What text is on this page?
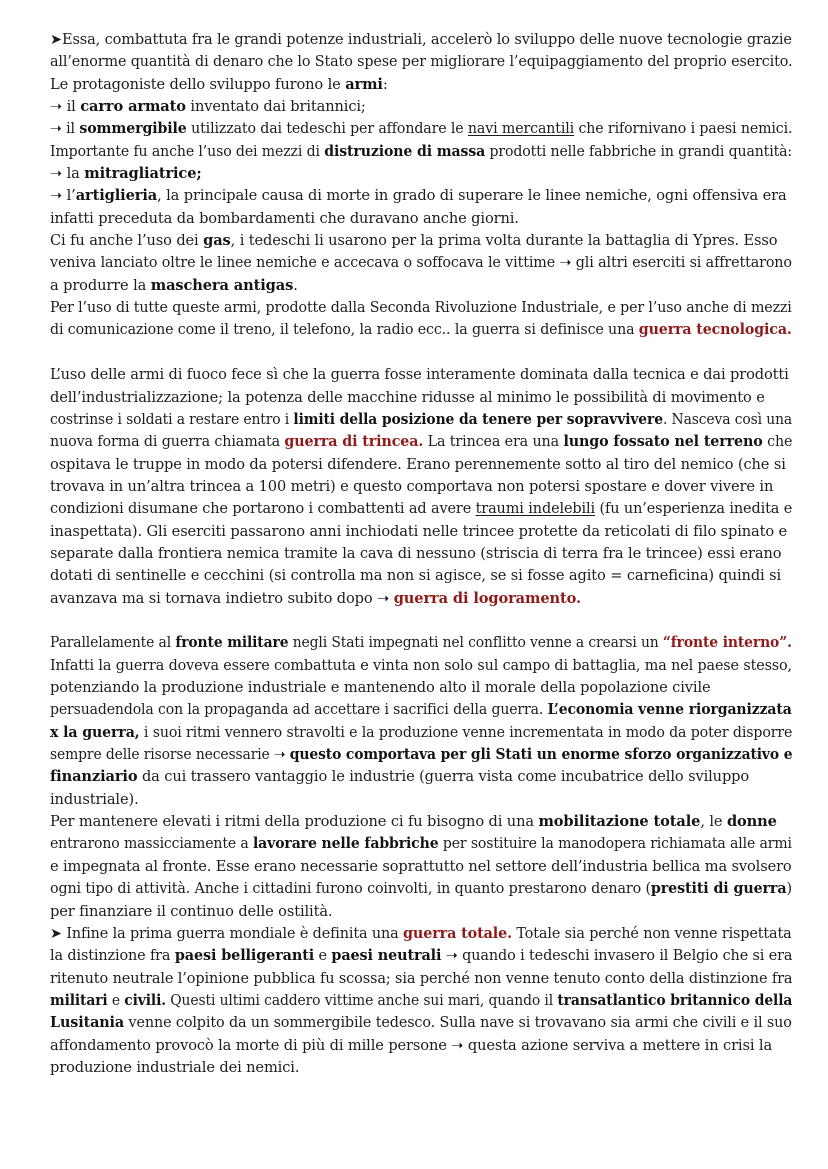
➤Essa, combattuta fra le grandi potenze industriali, accelerò lo sviluppo delle nuove tecnologie grazie
all’enorme quantità di denaro che lo Stato spese per migliorare l’equipaggiamento del proprio esercito.
Le protagoniste dello sviluppo furono le armi:
➝ il carro armato inventato dai britannici;
➝ il sommergibile utilizzato dai tedeschi per affondare le navi mercantili che rifornivano i paesi nemici.
Importante fu anche l’uso dei mezzi di distruzione di massa prodotti nelle fabbriche in grandi quantità:
➝ la mitragliatrice;
➝ l’artiglieria, la principale causa di morte in grado di superare le linee nemiche, ogni offensiva era
infatti preceduta da bombardamenti che duravano anche giorni.
Ci fu anche l’uso dei gas, i tedeschi li usarono per la prima volta durante la battaglia di Ypres. Esso
veniva lanciato oltre le linee nemiche e accecava o soffocava le vittime ➝ gli altri eserciti si affrettarono
a produrre la maschera antigas.
Per l’uso di tutte queste armi, prodotte dalla Seconda Rivoluzione Industriale, e per l’uso anche di mezzi
di comunicazione come il treno, il telefono, la radio ecc.. la guerra si definisce una guerra tecnologica.
L’uso delle armi di fuoco fece sì che la guerra fosse interamente dominata dalla tecnica e dai prodotti
dell’industrializzazione; la potenza delle macchine ridusse al minimo le possibilità di movimento e
costrinse i soldati a restare entro i limiti della posizione da tenere per sopravvivere. Nasceva così una
nuova forma di guerra chiamata guerra di trincea. La trincea era una lungo fossato nel terreno che
ospitava le truppe in modo da potersi difendere. Erano perennemente sotto al tiro del nemico (che si
trovava in un’altra trincea a 100 metri) e questo comportava non potersi spostare e dover vivere in
condizioni disumane che portarono i combattenti ad avere traumi indelebili (fu un’esperienza inedita e
inaspettata). Gli eserciti passarono anni inchiodati nelle trincee protette da reticolati di filo spinato e
separate dalla frontiera nemica tramite la cava di nessuno (striscia di terra fra le trincee) essi erano
dotati di sentinelle e cecchini (si controlla ma non si agisce, se si fosse agito = carneficina) quindi si
avanzava ma si tornava indietro subito dopo ➝ guerra di logoramento.
Parallelamente al fronte militare negli Stati impegnati nel conflitto venne a crearsi un “fronte interno”.
Infatti la guerra doveva essere combattuta e vinta non solo sul campo di battaglia, ma nel paese stesso,
potenziando la produzione industriale e mantenendo alto il morale della popolazione civile
persuadendola con la propaganda ad accettare i sacrifici della guerra. L’economia venne riorganizzata
x la guerra, i suoi ritmi vennero stravolti e la produzione venne incrementata in modo da poter disporre
sempre delle risorse necessarie ➝ questo comportava per gli Stati un enorme sforzo organizzativo e
finanziario da cui trassero vantaggio le industrie (guerra vista come incubatrice dello sviluppo
industriale).
Per mantenere elevati i ritmi della produzione ci fu bisogno di una mobilitazione totale, le donne
entrarono massicciamente a lavorare nelle fabbriche per sostituire la manodopera richiamata alle armi
e impegnata al fronte. Esse erano necessarie soprattutto nel settore dell’industria bellica ma svolsero
ogni tipo di attività. Anche i cittadini furono coinvolti, in quanto prestarono denaro (prestiti di guerra)
per finanziare il continuo delle ostilità.
➤ Infine la prima guerra mondiale è definita una guerra totale. Totale sia perché non venne rispettata
la distinzione fra paesi belligeranti e paesi neutrali ➝ quando i tedeschi invasero il Belgio che si era
ritenuto neutrale l’opinione pubblica fu scossa; sia perché non venne tenuto conto della distinzione fra
militari e civili. Questi ultimi caddero vittime anche sui mari, quando il transatlantico britannico della
Lusitania venne colpito da un sommergibile tedesco. Sulla nave si trovavano sia armi che civili e il suo
affondamento provocò la morte di più di mille persone ➝ questa azione serviva a mettere in crisi la
produzione industriale dei nemici.
